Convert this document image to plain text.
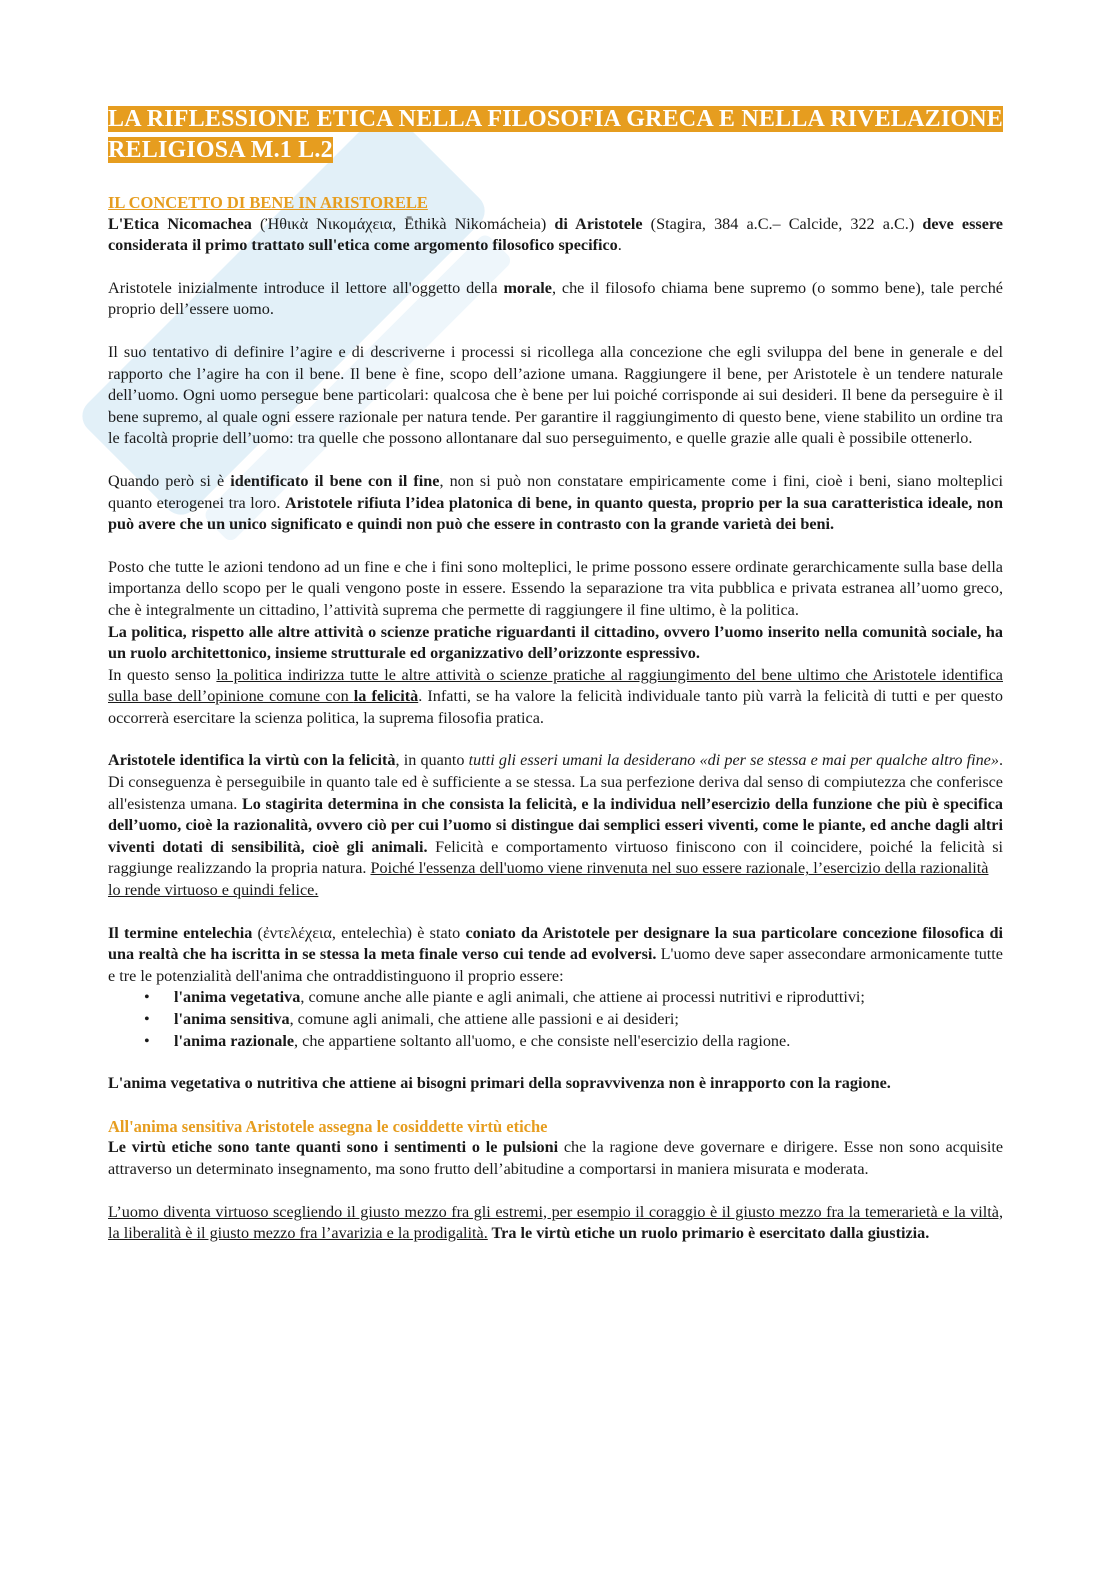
LA RIFLESSIONE ETICA NELLA FILOSOFIA GRECA E NELLA RIVELAZIONE RELIGIOSA M.1 L.2
IL CONCETTO DI BENE IN ARISTORELE

L'Etica Nicomachea (Ἠθικὰ Νικομάχεια, Ēthikà Nikomácheia) di Aristotele (Stagira, 384 a.C.– Calcide, 322 a.C.) deve essere considerata il primo trattato sull'etica come argomento filosofico specifico.

Aristotele inizialmente introduce il lettore all'oggetto della morale, che il filosofo chiama bene supremo (o sommo bene), tale perché proprio dell’essere uomo.

Il suo tentativo di definire l’agire e di descriverne i processi si ricollega alla concezione che egli sviluppa del bene in generale e del rapporto che l’agire ha con il bene. Il bene è fine, scopo dell’azione umana. Raggiungere il bene, per Aristotele è un tendere naturale dell’uomo. Ogni uomo persegue bene particolari: qualcosa che è bene per lui poiché corrisponde ai sui desideri. Il bene da perseguire è il bene supremo, al quale ogni essere razionale per natura tende. Per garantire il raggiungimento di questo bene, viene stabilito un ordine tra le facoltà proprie dell’uomo: tra quelle che possono allontanare dal suo perseguimento, e quelle grazie alle quali è possibile ottenerlo.

Quando però si è identificato il bene con il fine, non si può non constatare empiricamente come i fini, cioè i beni, siano molteplici quanto eterogenei tra loro. Aristotele rifiuta l’idea platonica di bene, in quanto questa, proprio per la sua caratteristica ideale, non può avere che un unico significato e quindi non può che essere in contrasto con la grande varietà dei beni.

Posto che tutte le azioni tendono ad un fine e che i fini sono molteplici, le prime possono essere ordinate gerarchicamente sulla base della importanza dello scopo per le quali vengono poste in essere. Essendo la separazione tra vita pubblica e privata estranea all’uomo greco, che è integralmente un cittadino, l’attività suprema che permette di raggiungere il fine ultimo, è la politica.

La politica, rispetto alle altre attività o scienze pratiche riguardanti il cittadino, ovvero l’uomo inserito nella comunità sociale, ha un ruolo architettonico, insieme strutturale ed organizzativo dell’orizzonte espressivo.

In questo senso la politica indirizza tutte le altre attività o scienze pratiche al raggiungimento del bene ultimo che Aristotele identifica sulla base dell’opinione comune con la felicità. Infatti, se ha valore la felicità individuale tanto più varrà la felicità di tutti e per questo occorrerà esercitare la scienza politica, la suprema filosofia pratica.

Aristotele identifica la virtù con la felicità, in quanto tutti gli esseri umani la desiderano «di per se stessa e mai per qualche altro fine». Di conseguenza è perseguibile in quanto tale ed è sufficiente a se stessa. La sua perfezione deriva dal senso di compiutezza che conferisce all'esistenza umana. Lo stagirita determina in che consista la felicità, e la individua nell’esercizio della funzione che più è specifica dell’uomo, cioè la razionalità, ovvero ciò per cui l’uomo si distingue dai semplici esseri viventi, come le piante, ed anche dagli altri viventi dotati di sensibilità, cioè gli animali. Felicità e comportamento virtuoso finiscono con il coincidere, poiché la felicità si raggiunge realizzando la propria natura. Poiché l'essenza dell'uomo viene rinvenuta nel suo essere razionale, l’esercizio della razionalità

lo rende virtuoso e quindi felice.

Il termine entelechia (ἐντελέχεια, entelechìa) è stato coniato da Aristotele per designare la sua particolare concezione filosofica di una realtà che ha iscritta in se stessa la meta finale verso cui tende ad evolversi. L'uomo deve saper assecondare armonicamente tutte e tre le potenzialità dell'anima che ontraddistinguono il proprio essere:

• l'anima vegetativa, comune anche alle piante e agli animali, che attiene ai processi nutritivi e riproduttivi;
• l'anima sensitiva, comune agli animali, che attiene alle passioni e ai desideri;
• l'anima razionale, che appartiene soltanto all'uomo, e che consiste nell'esercizio della ragione.

L'anima vegetativa o nutritiva che attiene ai bisogni primari della sopravvivenza non è inrapporto con la ragione.

All'anima sensitiva Aristotele assegna le cosiddette virtù etiche

Le virtù etiche sono tante quanti sono i sentimenti o le pulsioni che la ragione deve governare e dirigere. Esse non sono acquisite attraverso un determinato insegnamento, ma sono frutto dell’abitudine a comportarsi in maniera misurata e moderata.

L’uomo diventa virtuoso scegliendo il giusto mezzo fra gli estremi, per esempio il coraggio è il giusto mezzo fra la temerarietà e la viltà, la liberalità è il giusto mezzo fra l’avarizia e la prodigalità. Tra le virtù etiche un ruolo primario è esercitato dalla giustizia.
